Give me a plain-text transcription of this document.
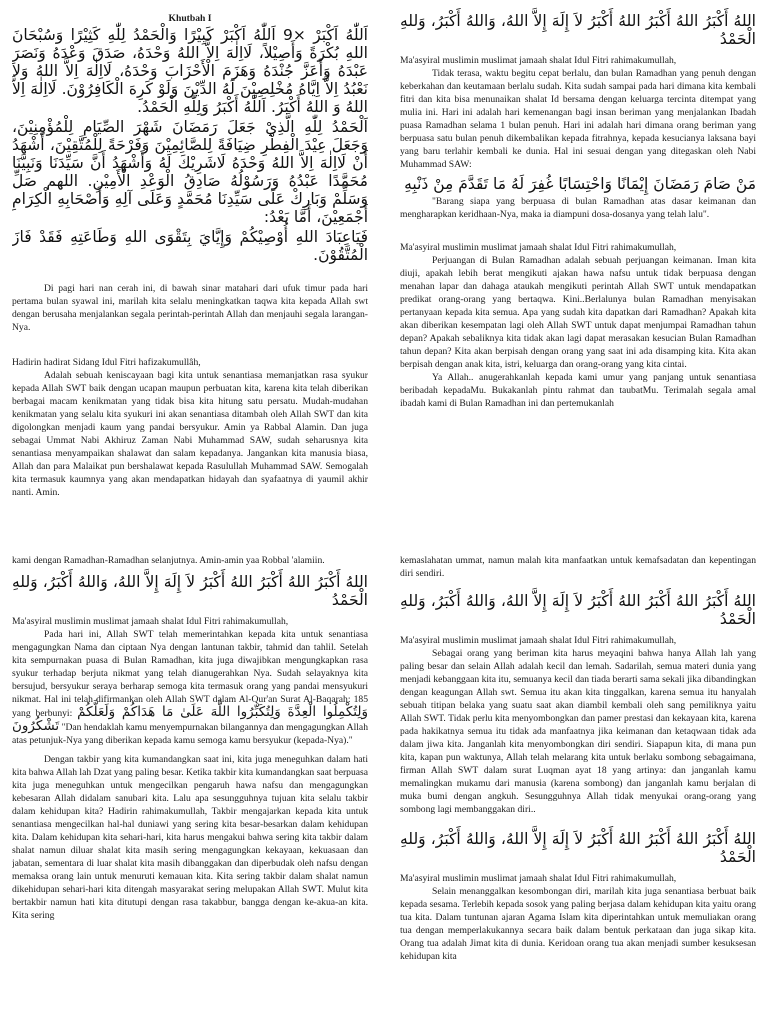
Khutbah I

اَللّٰهُ اَكْبَرْ ×9 اَللّٰهُ اَكْبَرْ كَبِيْرًا وَالْحَمْدُ لِلّٰهِ كَثِيْرًا وَسُبْحَانَ اللهِ بُكْرَةً وَأَصِيْلاً، لَااِلٰهَ اِلاَّ اللهُ وَحْدَهُ، صَدَقَ وَعْدَهُ وَنَصَرَ عَبْدَهُ وَأَعَزَّ جُنْدَهُ وَهَزَمَ الْأَحْزَابَ وَحْدَهُ، لَااِلٰهَ اِلاَّ اللهُ وَلاَ نَعْبُدُ اِلاَّ اِيَّاهُ مُخْلِصِيْنَ لَهُ الدِّيْنَ وَلَوْ كَرِهَ الْكَافِرُوْنَ. لَااِلٰهَ اِلاَّ اللهُ وَ اللهُ أَكْبَرُ. اَللّٰهُ أَكْبَرُ وَلِلّٰهِ الْحَمْدُ.

اَلْحَمْدُ لِلّٰهِ الَّذِيْ جَعَلَ رَمَضَانَ شَهْرَ الصِّيَامِ لِلْمُؤْمِنِيْنَ، وَجَعَلَ عِيْدَ الْفِطْرِ ضِيَافَةً لِلصَّائِمِيْنَ وَفَرْحَةً لِلْمُتَّقِيْنَ، أَشْهَدُ أَنْ لَااِلٰهَ اِلاَّ اللهُ وَحْدَهُ لَاشَرِيْكَ لَهُ وَأَشْهَدُ أَنَّ سَيِّدَنَا وَنَبِيَّنَا مُحَمَّدًا عَبْدُهُ وَرَسُوْلُهُ صَادِقُ الْوَعْدِ الْأَمِيْنِ. اللهم صَلِّ وَسَلِّمْ وَبَارِكْ عَلَى سَيِّدِنَا مُحَمَّدٍ وَعَلَى آلِهِ وَأَصْحَابِهِ الْكِرَامِ أَجْمَعِيْنَ، أَمَّا بَعْدُ:

فَيَاعِبَادَ اللهِ أُوْصِيْكُمْ وَإِيَّايَ بِتَقْوَى اللهِ وَطَاعَتِهِ فَقَدْ فَازَ الْمُتَّقُوْنَ.

Di pagi hari nan cerah ini, di bawah sinar matahari dari ufuk timur pada hari pertama bulan syawal ini, marilah kita selalu meningkatkan taqwa kita kepada Allah swt dengan berusaha menjalankan segala perintah-perintah Allah dan menjauhi segala larangan-Nya.

Hadirin hadirat Sidang Idul Fitri hafizakumullâh,

Adalah sebuah keniscayaan bagi kita untuk senantiasa memanjatkan rasa syukur kepada Allah SWT baik dengan ucapan maupun perbuatan kita, karena kita telah diberikan berbagai macam kenikmatan yang tidak bisa kita hitung satu persatu. Mudah-mudahan kenikmatan yang selalu kita syukuri ini akan senantiasa ditambah oleh Allah SWT dan kita digolongkan menjadi kaum yang pandai bersyukur. Amin ya Rabbal Alamin. Dan juga sebagai Ummat Nabi Akhiruz Zaman Nabi Muhammad SAW, sudah seharusnya kita senantiasa menyampaikan shalawat dan salam kepadanya. Jangankan kita manusia biasa, Allah dan para Malaikat pun bershalawat kepada Rasulullah Muhammad SAW. Semogalah kita termasuk kaumnya yang akan mendapatkan hidayah dan syafaatnya di yaumil akhir nanti. Amin.

اللهُ أَكْبَرُ اللهُ أَكْبَرُ اللهُ أَكْبَرُ لاَ إِلَهَ إِلاَّ اللهُ، وَاللهُ أَكْبَرُ، وَللهِ الْحَمْدُ

Ma'asyiral muslimin muslimat jamaah shalat Idul Fitri rahimakumullah,

Tidak terasa, waktu begitu cepat berlalu, dan bulan Ramadhan yang penuh dengan keberkahan dan keutamaan berlalu sudah. Kita sudah sampai pada hari dimana kita kembali fitri dan kita bisa menunaikan shalat Id bersama dengan keluarga tercinta ditempat yang mulia ini. Hari ini adalah hari kemenangan bagi insan beriman yang menjalankan Ibadah puasa Ramadhan selama 1 bulan penuh. Hari ini adalah hari dimana orang beriman yang berpuasa satu bulan penuh dikembalikan kepada fitrahnya, kepada kesucianya laksana bayi yang baru terlahir kembali ke dunia. Hal ini sesuai dengan yang ditegaskan oleh Nabi Muhammad SAW:

مَنْ صَامَ رَمَضَانَ إِيْمَانًا وَاحْتِسَابًا غُفِرَ لَهُ مَا تَقَدَّمَ مِنْ ذَنْبِهِ

"Barang siapa yang berpuasa di bulan Ramadhan atas dasar keimanan dan mengharapkan keridhaan-Nya, maka ia diampuni dosa-dosanya yang telah lalu".

Ma'asyiral muslimin muslimat jamaah shalat Idul Fitri rahimakumullah,

Perjuangan di Bulan Ramadhan adalah sebuah perjuangan keimanan. Iman kita diuji, apakah lebih berat mengikuti ajakan hawa nafsu untuk tidak berpuasa dengan menahan lapar dan dahaga ataukah mengikuti perintah Allah SWT untuk mendapatkan predikat orang-orang yang bertaqwa. Kini..Berlalunya bulan Ramadhan menyisakan pertanyaan kepada kita semua. Apa yang sudah kita dapatkan dari Ramadhan? Apakah kita akan diberikan kesempatan lagi oleh Allah SWT untuk dapat menjumpai Ramadhan tahun depan? Apakah sebaliknya kita tidak akan lagi dapat merasakan kesucian Bulan Ramadhan tahun depan? Kita akan berpisah dengan orang yang saat ini ada disamping kita. Kita akan berpisah dengan anak kita, istri, keluarga dan orang-orang yang kita cintai.

Ya Allah.. anugerahkanlah kepada kami umur yang panjang untuk senantiasa beribadah kepadaMu. Bukakanlah pintu rahmat dan taubatMu. Terimalah segala amal ibadah kami di Bulan Ramadhan ini dan pertemukanlah

kami dengan Ramadhan-Ramadhan selanjutnya. Amin-amin yaa Robbal 'alamiin.

اللهُ أَكْبَرُ اللهُ أَكْبَرُ اللهُ أَكْبَرُ لاَ إِلَهَ إِلاَّ اللهُ، وَاللهُ أَكْبَرُ، وَللهِ الْحَمْدُ

Ma'asyiral muslimin muslimat jamaah shalat Idul Fitri rahimakumullah,

Pada hari ini, Allah SWT telah memerintahkan kepada kita untuk senantiasa mengagungkan Nama dan ciptaan Nya dengan lantunan takbir, tahmid dan tahlil. Setelah kita sempurnakan puasa di Bulan Ramadhan, kita juga diwajibkan mengungkapkan rasa syukur terhadap berjuta nikmat yang telah dianugerahkan Nya. Sudah selayaknya kita bersujud, bersyukur seraya berharap semoga kita termasuk orang yang pandai mensyukuri nikmat. Hal ini telah difirmankan oleh Allah SWT dalam Al-Qur'an Surat Al-Baqarah: 185 yang berbunyi: وَلِتُكْمِلُوا الْعِدَّةَ وَلِتُكَبِّرُوا اللَّهَ عَلَىٰ مَا هَدَاكُمْ وَلَعَلَّكُمْ تَشْكُرُونَ "Dan hendaklah kamu menyempurnakan bilangannya dan mengagungkan Allah atas petunjuk-Nya yang diberikan kepada kamu semoga kamu bersyukur (kepada-Nya)."

Dengan takbir yang kita kumandangkan saat ini, kita juga meneguhkan dalam hati kita bahwa Allah lah Dzat yang paling besar. Ketika takbir kita kumandangkan saat berpuasa kita juga meneguhkan untuk mengecilkan pengaruh hawa nafsu dan mengagungkan kebesaran Allah didalam sanubari kita. Lalu apa sesungguhnya tujuan kita selalu takbir dalam kehidupan kita? Hadirin rahimakumullah, Takbir mengajarkan kepada kita untuk senantiasa mengecilkan hal-hal duniawi yang sering kita besar-besarkan dalam kehidupan kita. Dalam kehidupan kita sehari-hari, kita harus mengakui bahwa sering kita takbir dalam shalat namun diluar shalat kita masih sering mengagungkan kekayaan, kekuasaan dan jabatan, sementara di luar shalat kita masih dibanggakan dan diperbudak oleh nafsu dengan memaksa orang lain untuk menuruti kemauan kita. Kita sering takbir dalam shalat namun dikehidupan sehari-hari kita ditengah masyarakat sering melupakan Allah SWT. Mulut kita bertakbir namun hati kita ditutupi dengan rasa takabbur, bangga dengan ke-akua-an kita. Kita sering

kemaslahatan ummat, namun malah kita manfaatkan untuk kemafsadatan dan kepentingan diri sendiri.

اللهُ أَكْبَرُ اللهُ أَكْبَرُ اللهُ أَكْبَرُ لاَ إِلَهَ إِلاَّ اللهُ، وَاللهُ أَكْبَرُ، وَللهِ الْحَمْدُ

Ma'asyiral muslimin muslimat jamaah shalat Idul Fitri rahimakumullah,

Sebagai orang yang beriman kita harus meyaqini bahwa hanya Allah lah yang paling besar dan selain Allah adalah kecil dan lemah. Sadarilah, semua materi dunia yang menjadi kebanggaan kita itu, semuanya kecil dan tiada berarti sama sekali jika dibandingkan dengan keagungan Allah swt. Semua itu akan kita tinggalkan, karena semua itu hanyalah sebuah titipan belaka yang suatu saat akan diambil kembali oleh sang pemiliknya yaitu Allah SWT. Tidak perlu kita menyombongkan dan pamer prestasi dan kekayaan kita, karena pada hakikatnya semua itu tidak ada manfaatnya jika keimanan dan ketaqwaan tidak ada dalam jiwa kita. Janganlah kita menyombongkan diri sendiri. Siapapun kita, di mana pun kita, kapan pun waktunya, Allah telah melarang kita untuk berlaku sombong sebagaimana, firman Allah SWT dalam surat Luqman ayat 18 yang artinya: dan janganlah kamu memalingkan mukamu dari manusia (karena sombong) dan janganlah kamu berjalan di muka bumi dengan angkuh. Sesungguhnya Allah tidak menyukai orang-orang yang sombong lagi membanggakan diri..

اللهُ أَكْبَرُ اللهُ أَكْبَرُ اللهُ أَكْبَرُ لاَ إِلَهَ إِلاَّ اللهُ، وَاللهُ أَكْبَرُ، وَللهِ الْحَمْدُ

Ma'asyiral muslimin muslimat jamaah shalat Idul Fitri rahimakumullah,

Selain menanggalkan kesombongan diri, marilah kita juga senantiasa berbuat baik kepada sesama. Terlebih kepada sosok yang paling berjasa dalam kehidupan kita yaitu orang tua kita. Dalam tuntunan ajaran Agama Islam kita diperintahkan untuk memuliakan orang tua dengan memperlakukannya secara baik dalam bentuk perkataan dan juga sikap kita. Orang tua adalah Jimat kita di dunia. Keridoan orang tua akan menjadi sumber kesuksesan kehidupan kita
